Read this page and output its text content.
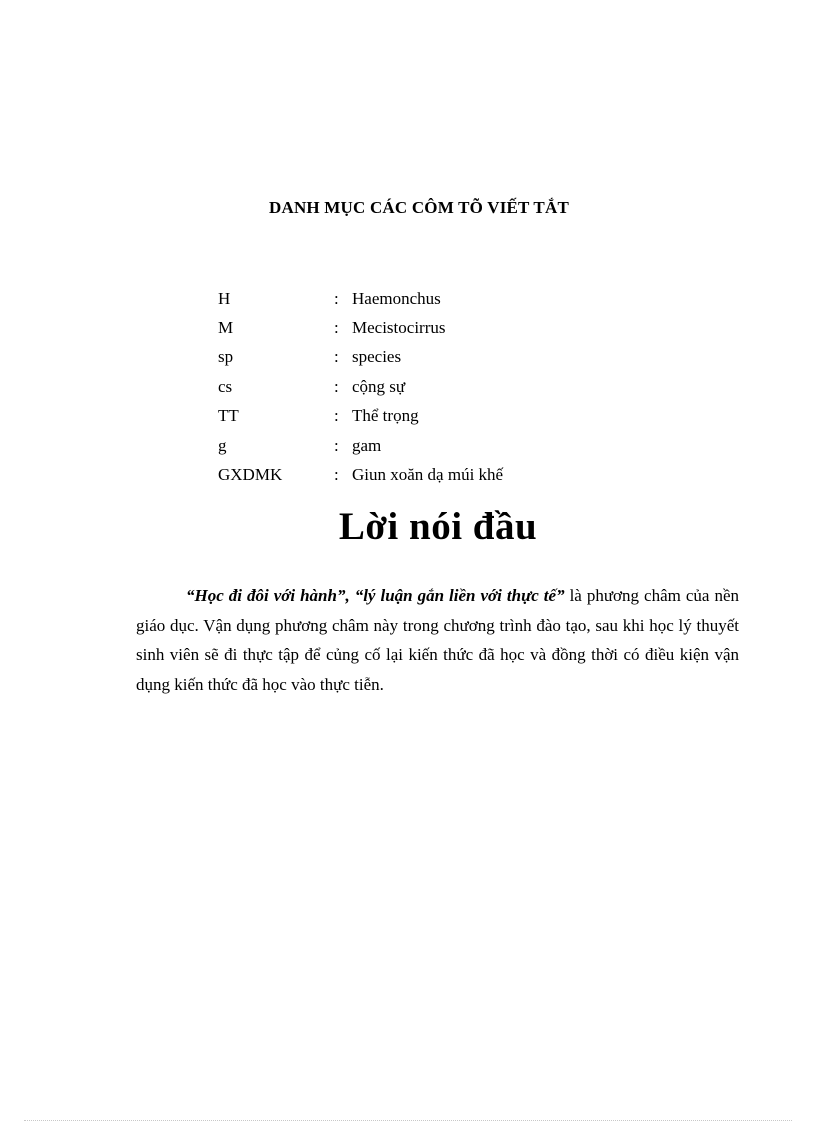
DANH MỤC CÁC CÔM TÕ VIẾT TẮT
H	: Haemonchus
M	: Mecistocirrus
sp	: species
cs	: cộng sự
TT	: Thể trọng
g	: gam
GXDMK	: Giun xoăn dạ múi khế
Lời nói đầu

“Học đi đôi với hành”, “lý luận gắn liền với thực tế” là phương châm của nền giáo dục. Vận dụng phương châm này trong chương trình đào tạo, sau khi học lý thuyết sinh viên sẽ đi thực tập để củng cố lại kiến thức đã học và đồng thời có điều kiện vận dụng kiến thức đã học vào thực tiễn.
